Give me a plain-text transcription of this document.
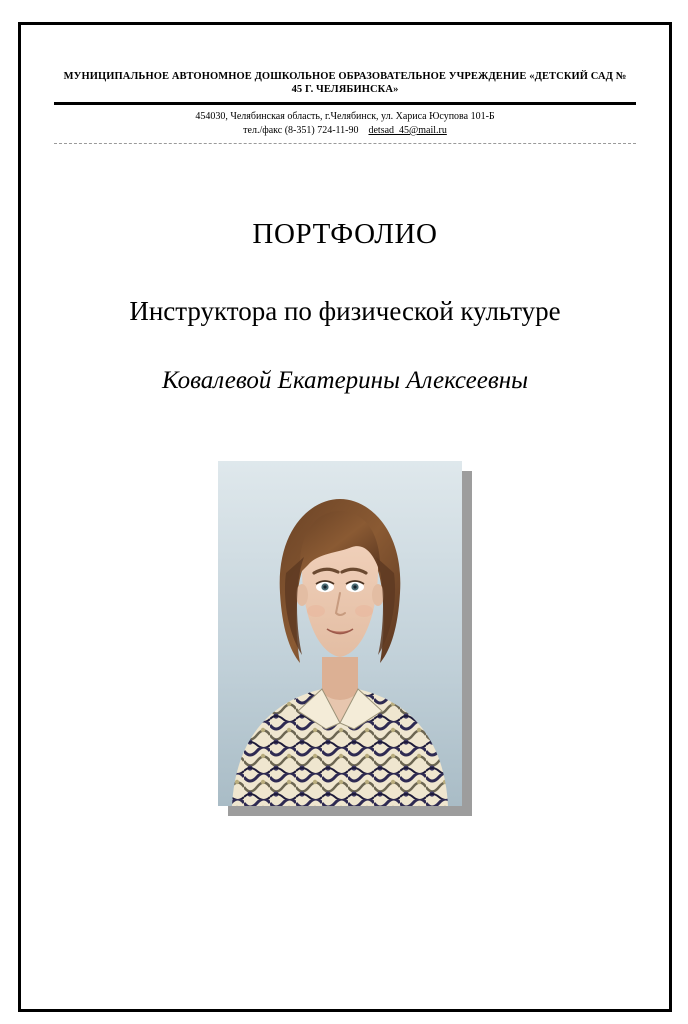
МУНИЦИПАЛЬНОЕ АВТОНОМНОЕ ДОШКОЛЬНОЕ ОБРАЗОВАТЕЛЬНОЕ УЧРЕЖДЕНИЕ «ДЕТСКИЙ САД № 45 Г. ЧЕЛЯБИНСКА»
454030, Челябинская область, г.Челябинск, ул. Хариса Юсупова 101-Б
тел./факс (8-351) 724-11-90 detsad_45@mail.ru
ПОРТФОЛИО
Инструктора по физической культуре
Ковалевой Екатерины Алексеевны
